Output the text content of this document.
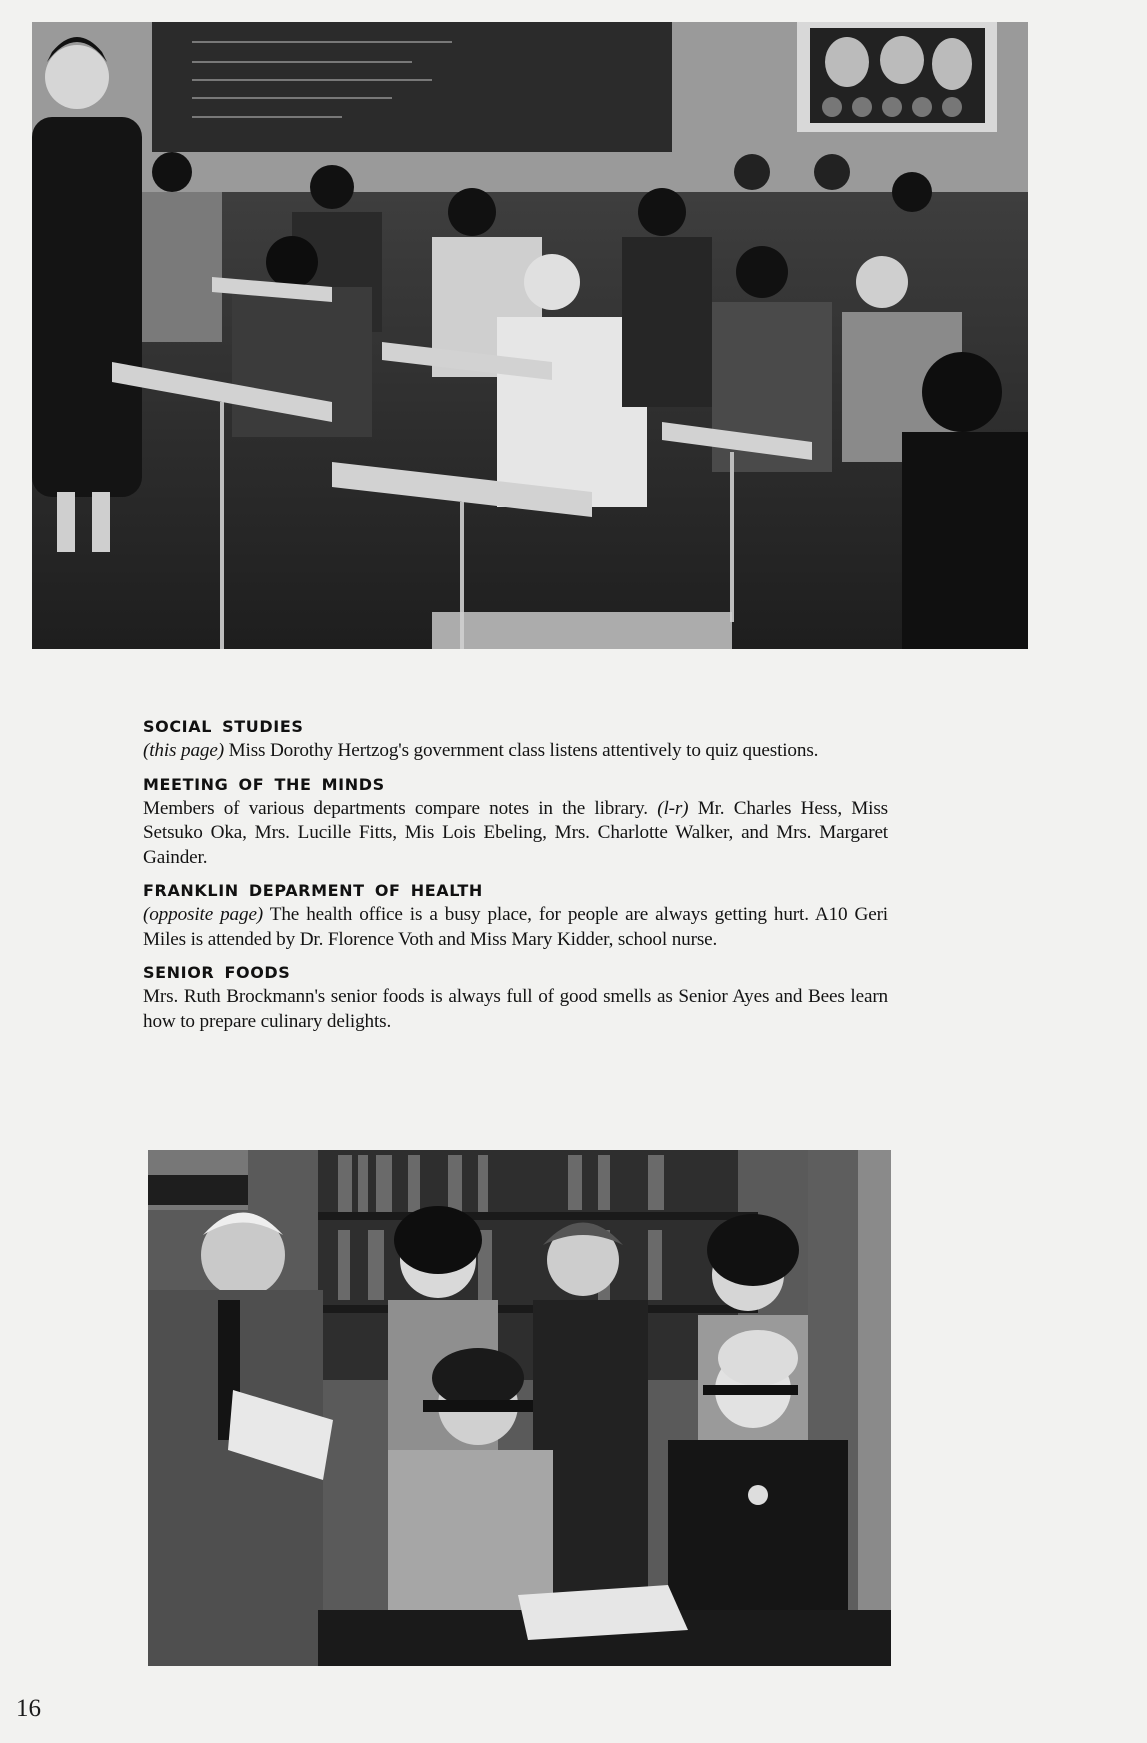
SOCIAL STUDIES

(this page) Miss Dorothy Hertzog's government class listens attentively to quiz questions.

MEETING OF THE MINDS

Members of various departments compare notes in the library. (l-r) Mr. Charles Hess, Miss Setsuko Oka, Mrs. Lucille Fitts, Mis Lois Ebeling, Mrs. Charlotte Walker, and Mrs. Margaret Gainder.

FRANKLIN DEPARMENT OF HEALTH

(opposite page) The health office is a busy place, for people are always getting hurt. A10 Geri Miles is attended by Dr. Florence Voth and Miss Mary Kidder, school nurse.

SENIOR FOODS

Mrs. Ruth Brockmann's senior foods is always full of good smells as Senior Ayes and Bees learn how to prepare culinary delights.

16
